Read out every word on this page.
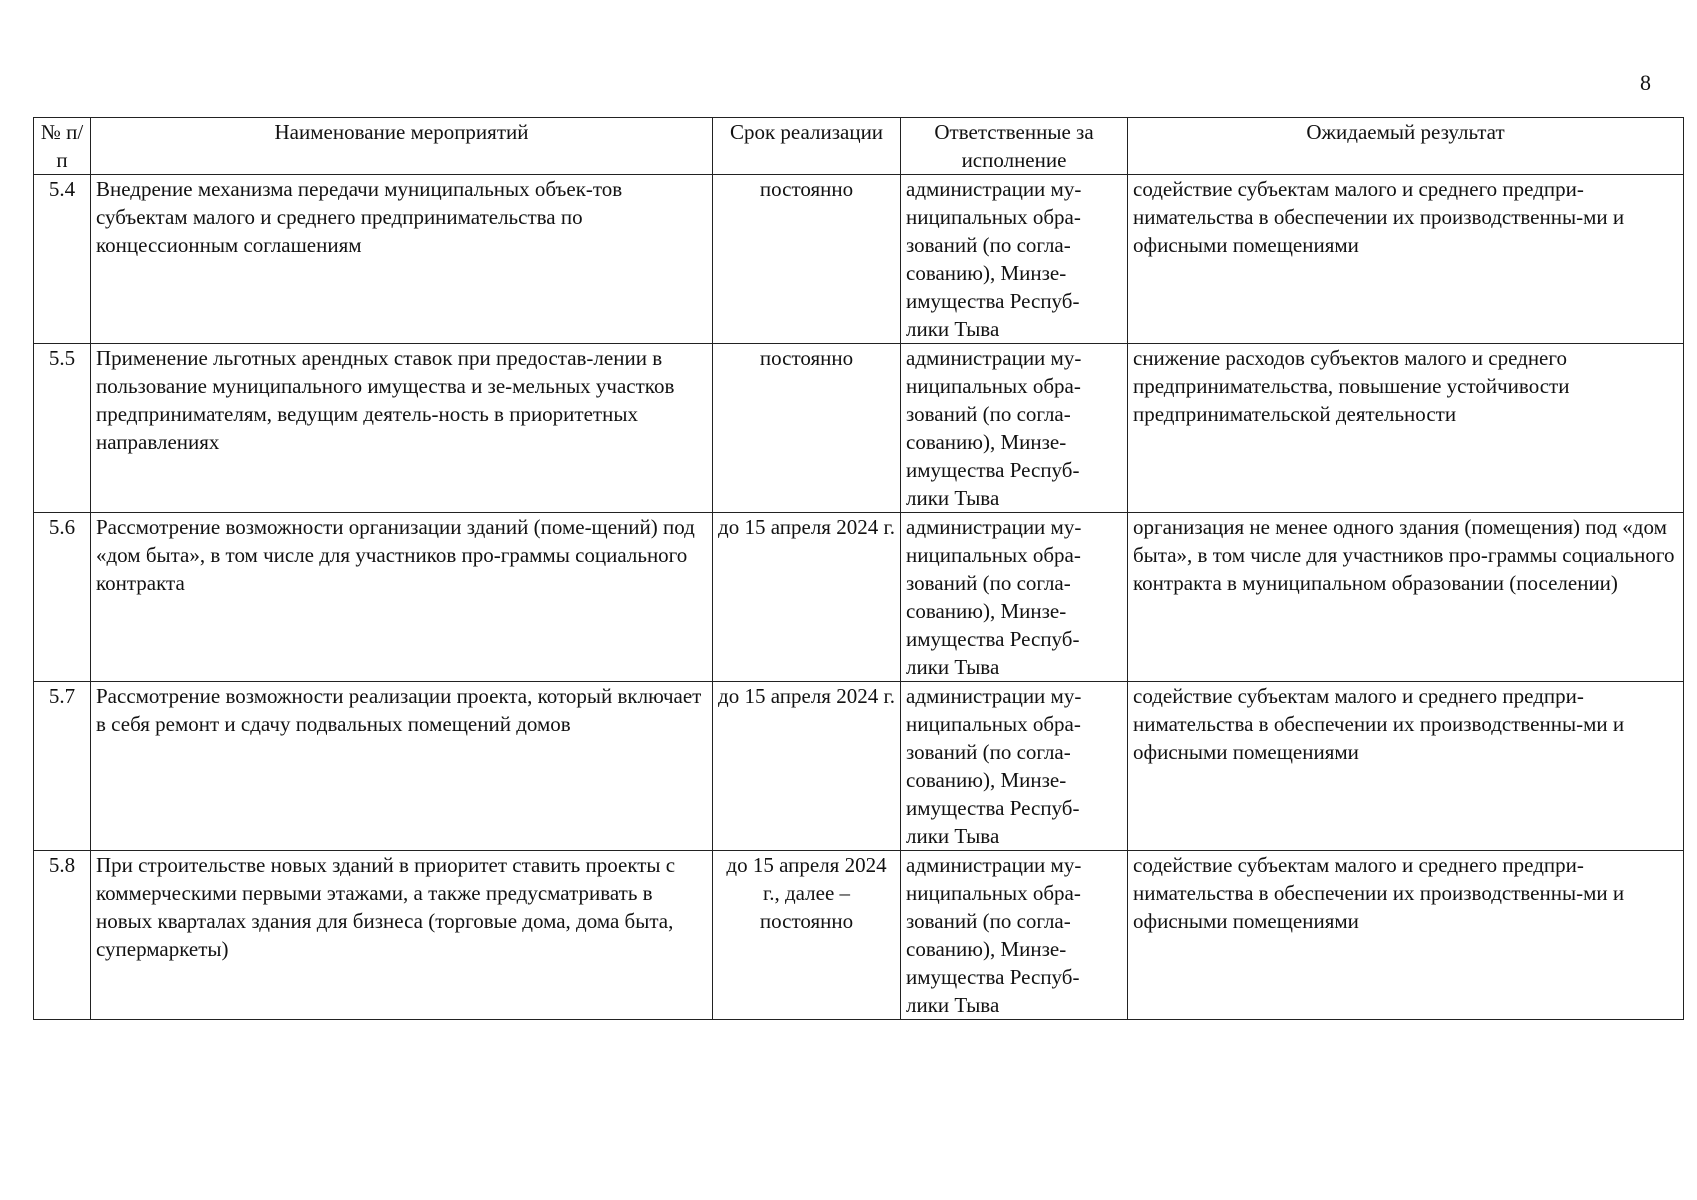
8
№ п/п	Наименование мероприятий	Срок реализации	Ответственные за исполнение	Ожидаемый результат
5.4	Внедрение механизма передачи муниципальных объек-тов субъектам малого и среднего предпринимательства по концессионным соглашениям	постоянно	администрации му-ниципальных обра-зований (по согла-сованию), Минзе-имущества Респуб-лики Тыва	содействие субъектам малого и среднего предпри-нимательства в обеспечении их производственны-ми и офисными помещениями
5.5	Применение льготных арендных ставок при предостав-лении в пользование муниципального имущества и зе-мельных участков предпринимателям, ведущим деятель-ность в приоритетных направлениях	постоянно	администрации му-ниципальных обра-зований (по согла-сованию), Минзе-имущества Респуб-лики Тыва	снижение расходов субъектов малого и среднего предпринимательства, повышение устойчивости предпринимательской деятельности
5.6	Рассмотрение возможности организации зданий (поме-щений) под «дом быта», в том числе для участников про-граммы социального контракта	до 15 апреля 2024 г.	администрации му-ниципальных обра-зований (по согла-сованию), Минзе-имущества Респуб-лики Тыва	организация не менее одного здания (помещения) под «дом быта», в том числе для участников про-граммы социального контракта в муниципальном образовании (поселении)
5.7	Рассмотрение возможности реализации проекта, который включает в себя ремонт и сдачу подвальных помещений домов	до 15 апреля 2024 г.	администрации му-ниципальных обра-зований (по согла-сованию), Минзе-имущества Респуб-лики Тыва	содействие субъектам малого и среднего предпри-нимательства в обеспечении их производственны-ми и офисными помещениями
5.8	При строительстве новых зданий в приоритет ставить проекты с коммерческими первыми этажами, а также предусматривать в новых кварталах здания для бизнеса (торговые дома, дома быта, супермаркеты)	до 15 апреля 2024 г., далее – постоянно	администрации му-ниципальных обра-зований (по согла-сованию), Минзе-имущества Респуб-лики Тыва	содействие субъектам малого и среднего предпри-нимательства в обеспечении их производственны-ми и офисными помещениями
